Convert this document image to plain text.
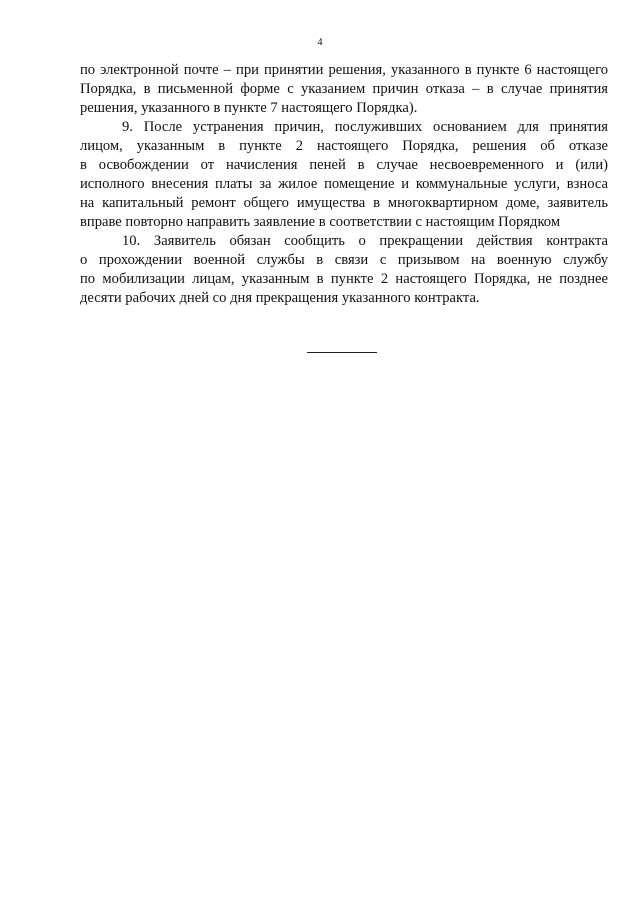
4
по электронной почте – при принятии решения, указанного в пункте 6 настоящего
Порядка, в письменной форме с указанием причин отказа – в случае принятия
решения, указанного в пункте 7 настоящего Порядка).
9. После устранения причин, послуживших основанием для принятия
лицом, указанным в пункте 2 настоящего Порядка, решения об отказе
в освобождении от начисления пеней в случае несвоевременного и (или)
исполного внесения платы за жилое помещение и коммунальные услуги, взноса
на капитальный ремонт общего имущества в многоквартирном доме, заявитель
вправе повторно направить заявление в соответствии с настоящим Порядком
10. Заявитель обязан сообщить о прекращении действия контракта
о прохождении военной службы в связи с призывом на военную службу
по мобилизации лицам, указанным в пункте 2 настоящего Порядка, не позднее
десяти рабочих дней со дня прекращения указанного контракта.
